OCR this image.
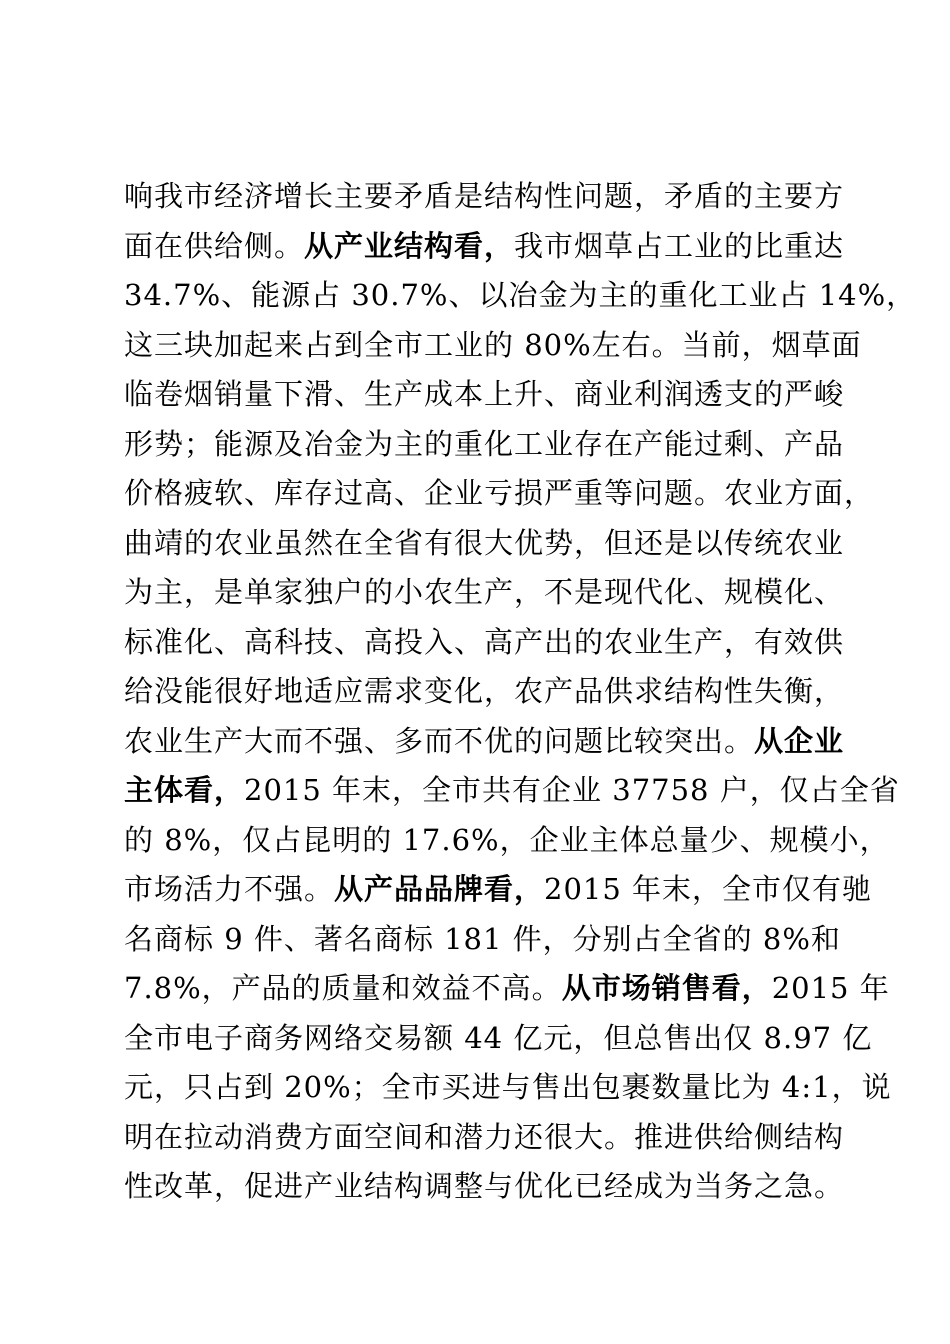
响我市经济增长主要矛盾是结构性问题，矛盾的主要方
面在供给侧。从产业结构看，我市烟草占工业的比重达
34.7%、能源占 30.7%、以冶金为主的重化工业占 14%，
这三块加起来占到全市工业的 80%左右。当前，烟草面
临卷烟销量下滑、生产成本上升、商业利润透支的严峻
形势；能源及冶金为主的重化工业存在产能过剩、产品
价格疲软、库存过高、企业亏损严重等问题。农业方面，
曲靖的农业虽然在全省有很大优势，但还是以传统农业
为主，是单家独户的小农生产，不是现代化、规模化、
标准化、高科技、高投入、高产出的农业生产，有效供
给没能很好地适应需求变化，农产品供求结构性失衡，
农业生产大而不强、多而不优的问题比较突出。从企业
主体看，2015 年末，全市共有企业 37758 户，仅占全省
的 8%，仅占昆明的 17.6%，企业主体总量少、规模小，
市场活力不强。从产品品牌看，2015 年末，全市仅有驰
名商标 9 件、著名商标 181 件，分别占全省的 8%和
7.8%，产品的质量和效益不高。从市场销售看，2015 年
全市电子商务网络交易额 44 亿元，但总售出仅 8.97 亿
元，只占到 20%；全市买进与售出包裹数量比为 4:1，说
明在拉动消费方面空间和潜力还很大。推进供给侧结构
性改革，促进产业结构调整与优化已经成为当务之急。
